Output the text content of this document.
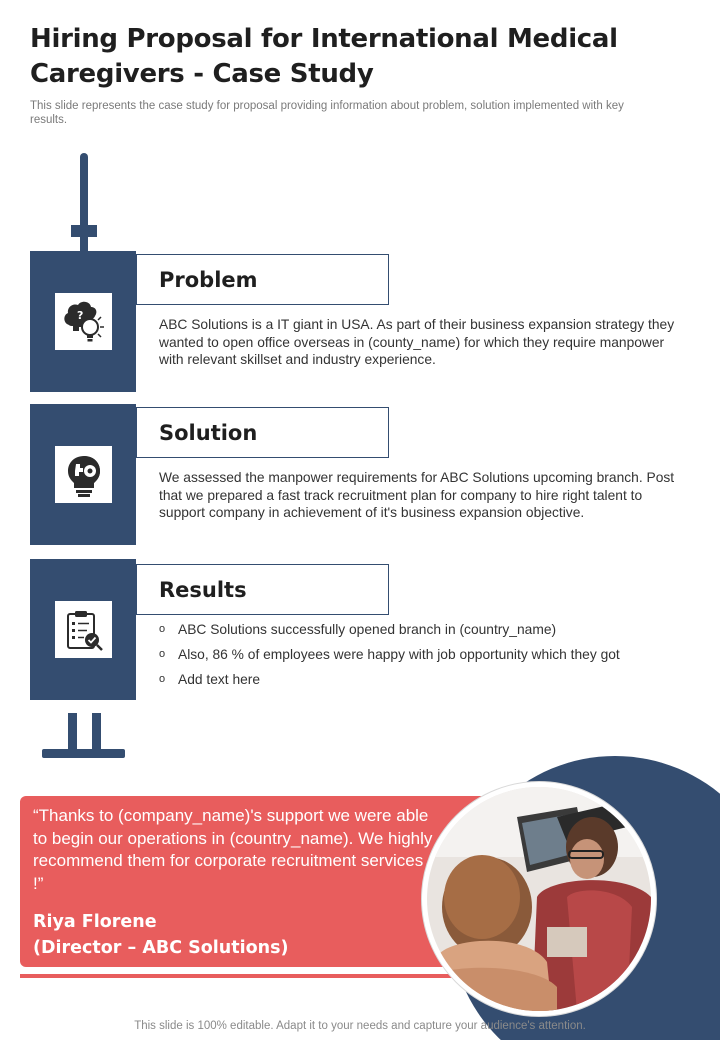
Hiring Proposal for International Medical Caregivers - Case Study

This slide represents the case study for proposal providing information about problem, solution implemented with key results.

?
Problem

ABC Solutions is a IT giant in USA. As part of their business expansion strategy they wanted to open office overseas in (county_name) for which they require manpower with relevant skillset and industry experience.

Solution

We assessed the manpower requirements for ABC Solutions upcoming branch. Post that we prepared a fast track recruitment plan for company to hire right talent to support company in achievement of it's business expansion objective.

Results
o ABC Solutions successfully opened branch in (country_name)
o Also, 86 % of employees were happy with job opportunity which they got
o Add text here

“Thanks to (company_name)'s support we were able to begin our operations in (country_name). We highly recommend them for corporate recruitment services !”

Riya Florene
(Director – ABC Solutions)
This slide is 100% editable. Adapt it to your needs and capture your audience's attention.
